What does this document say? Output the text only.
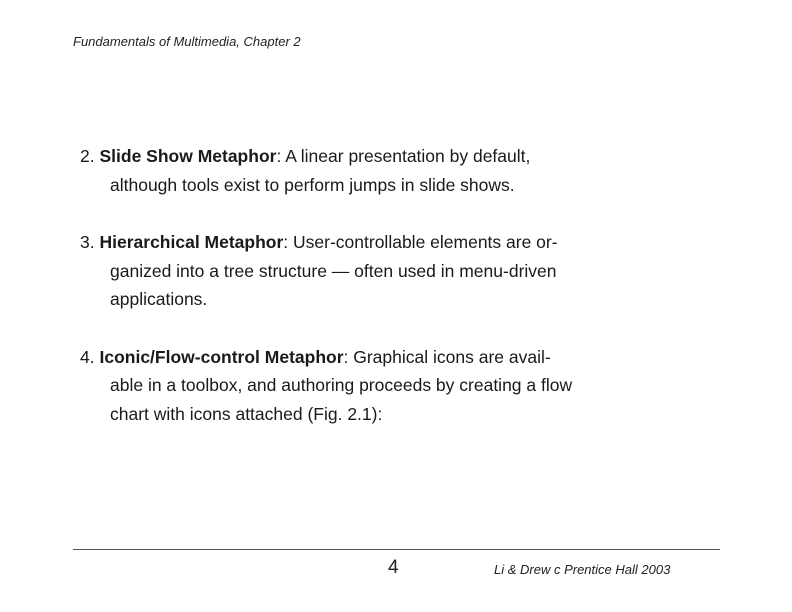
Fundamentals of Multimedia, Chapter 2
2. Slide Show Metaphor: A linear presentation by default,
although tools exist to perform jumps in slide shows.
3. Hierarchical Metaphor: User-controllable elements are or-
ganized into a tree structure — often used in menu-driven
applications.
4. Iconic/Flow-control Metaphor: Graphical icons are avail-
able in a toolbox, and authoring proceeds by creating a flow
chart with icons attached (Fig. 2.1):
4	Li & Drew c Prentice Hall 2003
